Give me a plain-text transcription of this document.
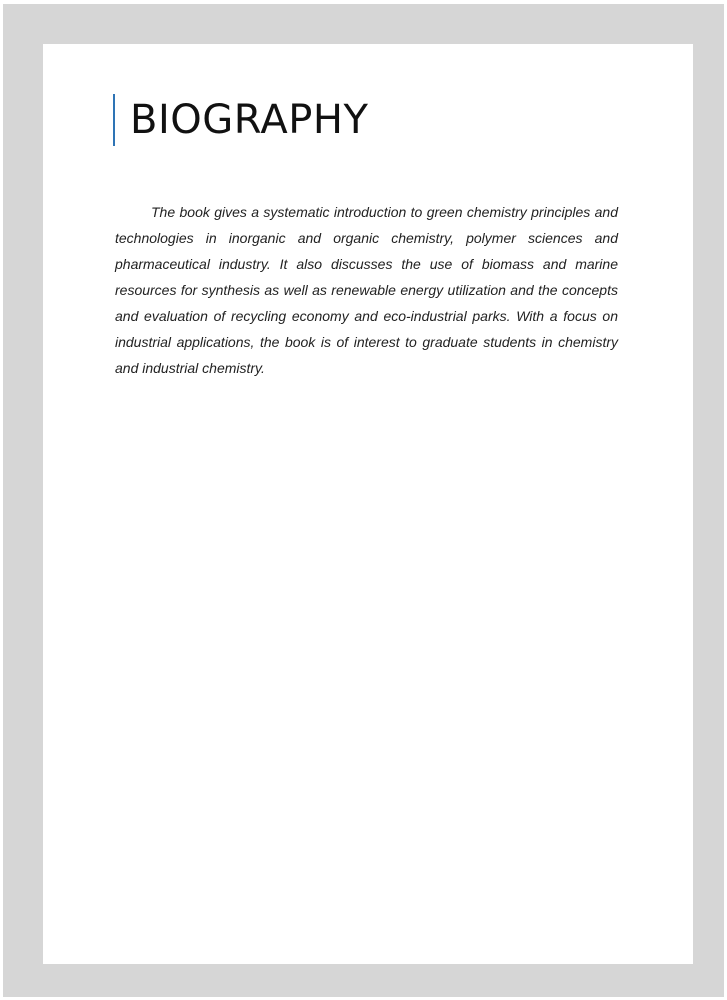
BIOGRAPHY

The book gives a systematic introduction to green chemistry principles and technologies in inorganic and organic chemistry, polymer sciences and pharmaceutical industry. It also discusses the use of biomass and marine resources for synthesis as well as renewable energy utilization and the concepts and evaluation of recycling economy and eco-industrial parks. With a focus on industrial applications, the book is of interest to graduate students in chemistry and industrial chemistry.
